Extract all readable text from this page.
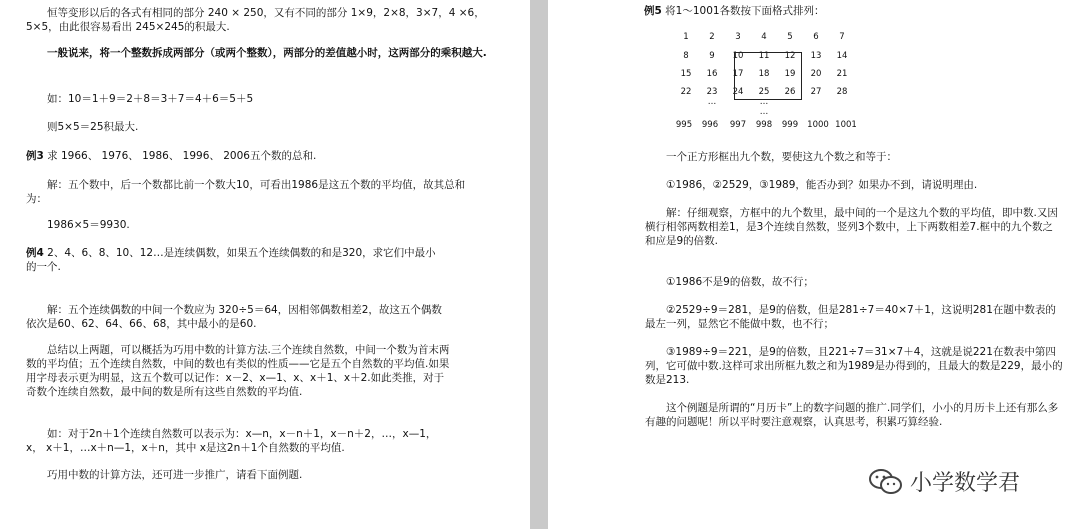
恒等变形以后的各式有相同的部分 240 × 250，又有不同的部分 1×9，2×8，3×7，4 ×6，5×5，由此很容易看出 245×245的积最大.

一般说来，将一个整数拆成两部分（或两个整数），两部分的差值越小时，这两部分的乘积越大.

如：10＝1＋9＝2＋8＝3＋7＝4＋6＝5＋5

则5×5＝25积最大.

例3 求 1966、 1976、 1986、 1996、 2006五个数的总和.

解：五个数中，后一个数都比前一个数大10，可看出1986是这五个数的平均值，故其总和为：

1986×5＝9930.

例4 2、4、6、8、10、12…是连续偶数，如果五个连续偶数的和是320，求它们中最小的一个.

解：五个连续偶数的中间一个数应为 320÷5＝64，因相邻偶数相差2，故这五个偶数依次是60、62、64、66、68，其中最小的是60.

总结以上两题，可以概括为巧用中数的计算方法.三个连续自然数，中间一个数为首末两数的平均值；五个连续自然数，中间的数也有类似的性质——它是五个自然数的平均值.如果用字母表示更为明显，这五个数可以记作：x－2、x—1、x、x＋1、x＋2.如此类推，对于奇数个连续自然数，最中间的数是所有这些自然数的平均值.

如：对于2n＋1个连续自然数可以表示为：x—n，x－n＋1，x－n＋2，…，x—1， x， x＋1，…x＋n—1，x＋n，其中 x是这2n＋1个自然数的平均值.

巧用中数的计算方法，还可进一步推广，请看下面例题.

例5 将1～1001各数按下面格式排列：

1	2	3	4	5	6	7
8	9	10	11	12	13	14
15	16	17	18	19	20	21
22	23	24	25	26	27	28
…	…
…
995	996	997	998	999	1000 1001

一个正方形框出九个数，要使这九个数之和等于：

①1986，②2529，③1989，能否办到？如果办不到，请说明理由.

解：仔细观察，方框中的九个数里，最中间的一个是这九个数的平均值，即中数.又因横行相邻两数相差1，是3个连续自然数，竖列3个数中，上下两数相差7.框中的九个数之和应是9的倍数.

①1986不是9的倍数，故不行；

②2529÷9＝281，是9的倍数，但是281÷7＝40×7＋1，这说明281在题中数表的最左一列，显然它不能做中数，也不行；

③1989÷9＝221，是9的倍数，且221÷7＝31×7＋4，这就是说221在数表中第四列，它可做中数.这样可求出所框九数之和为1989是办得到的，且最大的数是229，最小的数是213.

这个例题是所谓的“月历卡”上的数字问题的推广.同学们，小小的月历卡上还有那么多有趣的问题呢！所以平时要注意观察，认真思考，积累巧算经验.

小学数学君
